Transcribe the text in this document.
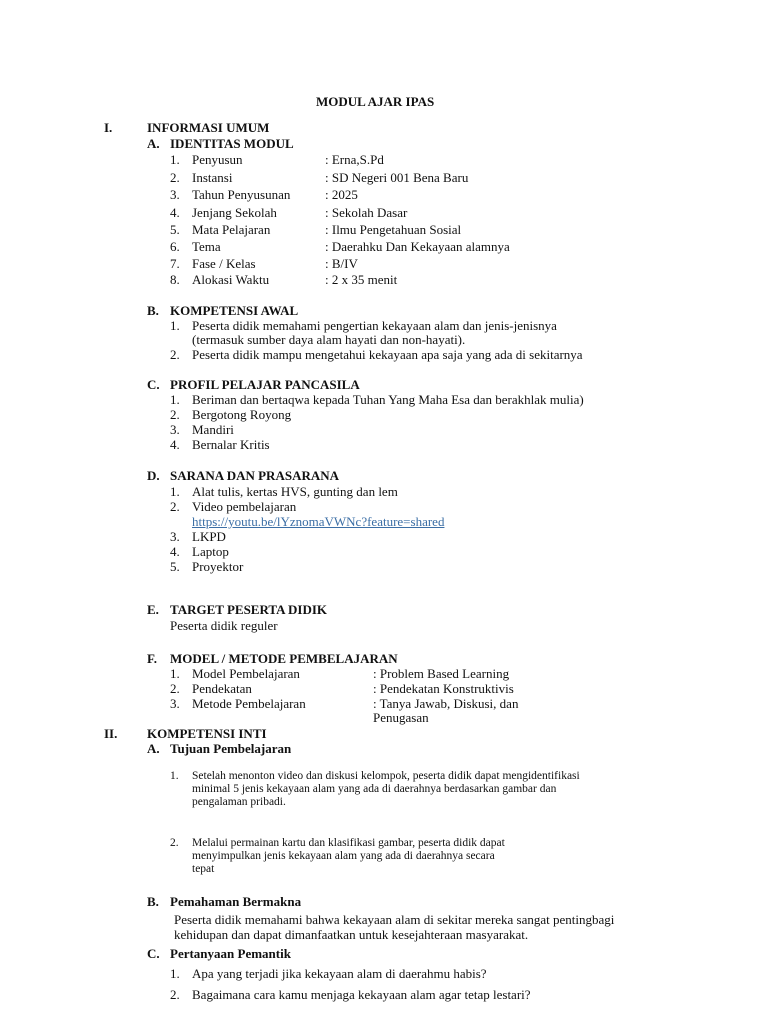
MODUL AJAR IPAS
I.	INFORMASI UMUM
A. IDENTITAS MODUL
1. Penyusun	: Erna,S.Pd
2. Instansi	: SD Negeri 001 Bena Baru
3. Tahun Penyusunan	: 2025
4. Jenjang Sekolah	: Sekolah Dasar
5. Mata Pelajaran	: Ilmu Pengetahuan Sosial
6. Tema	: Daerahku Dan Kekayaan alamnya
7. Fase / Kelas	: B/IV
8. Alokasi Waktu	: 2 x 35 menit
B. KOMPETENSI AWAL
1. Peserta didik memahami pengertian kekayaan alam dan jenis-jenisnya
(termasuk sumber daya alam hayati dan non-hayati).
2. Peserta didik mampu mengetahui kekayaan apa saja yang ada di sekitarnya
C. PROFIL PELAJAR PANCASILA
1. Beriman dan bertaqwa kepada Tuhan Yang Maha Esa dan berakhlak mulia)
2. Bergotong Royong
3. Mandiri
4. Bernalar Kritis
D. SARANA DAN PRASARANA
1. Alat tulis, kertas HVS, gunting dan lem
2. Video pembelajaran
https://youtu.be/lYznomaVWNc?feature=shared
3. LKPD
4. Laptop
5. Proyektor
E. TARGET PESERTA DIDIK
Peserta didik reguler
F. MODEL / METODE PEMBELAJARAN
1. Model Pembelajaran	: Problem Based Learning
2. Pendekatan	: Pendekatan Konstruktivis
3. Metode Pembelajaran	: Tanya Jawab, Diskusi, dan
Penugasan
II. KOMPETENSI INTI
A. Tujuan Pembelajaran
1. Setelah menonton video dan diskusi kelompok, peserta didik dapat mengidentifikasi
minimal 5 jenis kekayaan alam yang ada di daerahnya berdasarkan gambar dan
pengalaman pribadi.
2. Melalui permainan kartu dan klasifikasi gambar, peserta didik dapat
menyimpulkan jenis kekayaan alam yang ada di daerahnya secara
tepat
B. Pemahaman Bermakna
Peserta didik memahami bahwa kekayaan alam di sekitar mereka sangat pentingbagi
kehidupan dan dapat dimanfaatkan untuk kesejahteraan masyarakat.
C. Pertanyaan Pemantik
1. Apa yang terjadi jika kekayaan alam di daerahmu habis?
2. Bagaimana cara kamu menjaga kekayaan alam agar tetap lestari?
